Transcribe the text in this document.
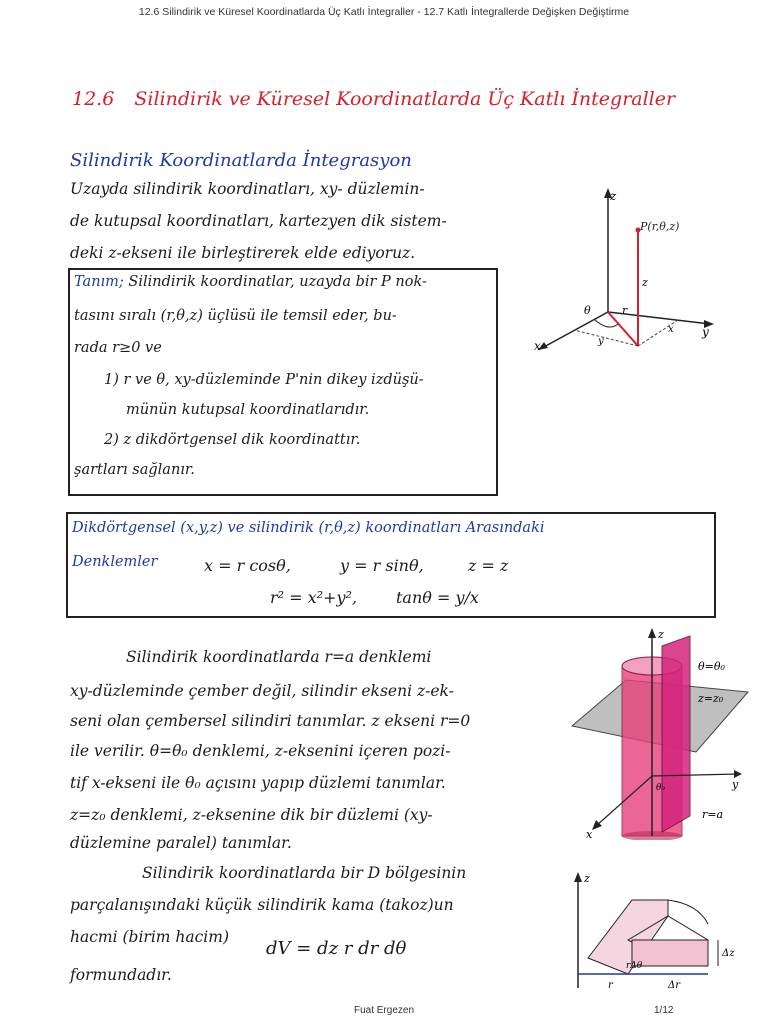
12.6 Silindirik ve Küresel Koordinatlarda Üç Katlı İntegraller - 12.7 Katlı İntegrallerde Değişken Değiştirme
12.6 Silindirik ve Küresel Koordinatlarda Üç Katlı İntegraller
Silindirik Koordinatlarda İntegrasyon
Uzayda silindirik koordinatları, xy- düzlemin-
de kutupsal koordinatları, kartezyen dik sistem-
deki z-ekseni ile birleştirerek elde ediyoruz.
Tanım; Silindirik koordinatlar, uzayda bir P nok-
tasını sıralı (r,θ,z) üçlüsü ile temsil eder, bu-
rada r≥0 ve
1) r ve θ, xy-düzleminde P'nin dikey izdüşü-
münün kutupsal koordinatlarıdır.
2) z dikdörtgensel dik koordinattır.
şartları sağlanır.
Dikdörtgensel (x,y,z) ve silindirik (r,θ,z) koordinatları Arasındaki
Denklemler	x = r cosθ,	y = r sinθ,	z = z
r² = x²+y², tanθ = y/x
Silindirik koordinatlarda r=a denklemi
xy-düzleminde çember değil, silindir ekseni z-ek-
seni olan çembersel silindiri tanımlar. z ekseni r=0
ile verilir. θ=θ₀ denklemi, z-eksenini içeren pozi-
tif x-ekseni ile θ₀ açısını yapıp düzlemi tanımlar.
z=z₀ denklemi, z-eksenine dik bir düzlemi (xy-
düzlemine paralel) tanımlar.
Silindirik koordinatlarda bir D bölgesinin
parçalanışındaki küçük silindirik kama (takoz)un
hacmi (birim hacim)
dV = dz r dr dθ
formundadır.
z
y
x
P(r,θ,z)
z
r
θ
x
y
z
θ=θ₀
z=z₀
r=a
θ₀	y
x
z
Δz
rΔθ
r	Δr
Fuat Ergezen	1/12
